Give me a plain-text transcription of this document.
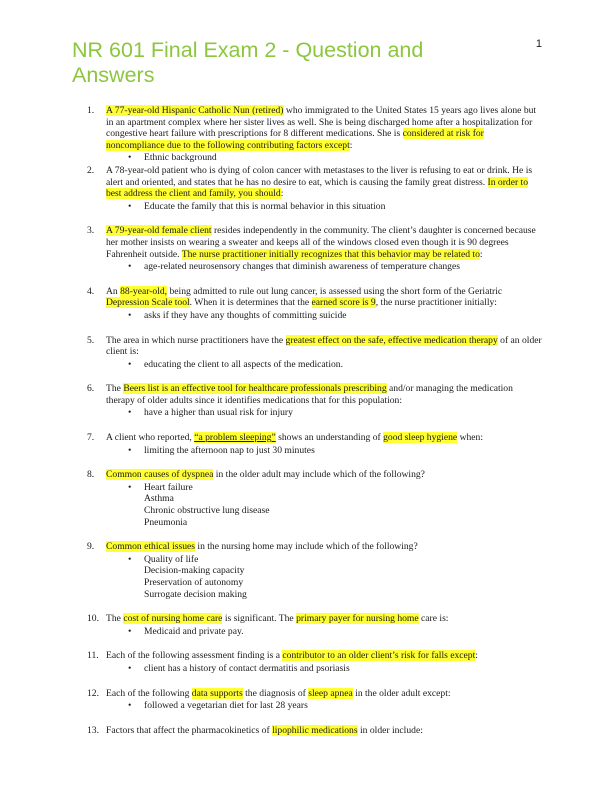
1
NR 601 Final Exam 2 - Question and Answers
1.	A 77-year-old Hispanic Catholic Nun (retired) who immigrated to the United States 15 years ago lives alone but in an apartment complex where her sister lives as well. She is being discharged home after a hospitalization for congestive heart failure with prescriptions for 8 different medications. She is considered at risk for noncompliance due to the following contributing factors except:
• Ethnic background
2.	A 78-year-old patient who is dying of colon cancer with metastases to the liver is refusing to eat or drink. He is alert and oriented, and states that he has no desire to eat, which is causing the family great distress. In order to best address the client and family, you should:
• Educate the family that this is normal behavior in this situation
3.	A 79-year-old female client resides independently in the community. The client’s daughter is concerned because her mother insists on wearing a sweater and keeps all of the windows closed even though it is 90 degrees Fahrenheit outside. The nurse practitioner initially recognizes that this behavior may be related to:
• age-related neurosensory changes that diminish awareness of temperature changes
4.	An 88-year-old, being admitted to rule out lung cancer, is assessed using the short form of the Geriatric Depression Scale tool. When it is determines that the earned score is 9, the nurse practitioner initially:
• asks if they have any thoughts of committing suicide
5.	The area in which nurse practitioners have the greatest effect on the safe, effective medication therapy of an older client is:
• educating the client to all aspects of the medication.
6.	The Beers list is an effective tool for healthcare professionals prescribing and/or managing the medication therapy of older adults since it identifies medications that for this population:
• have a higher than usual risk for injury
7.	A client who reported, “a problem sleeping” shows an understanding of good sleep hygiene when:
• limiting the afternoon nap to just 30 minutes
8.	Common causes of dyspnea in the older adult may include which of the following?
• Heart failure
Asthma
Chronic obstructive lung disease
Pneumonia
9.	Common ethical issues in the nursing home may include which of the following?
• Quality of life
Decision-making capacity
Preservation of autonomy
Surrogate decision making
10. The cost of nursing home care is significant. The primary payer for nursing home care is:
• Medicaid and private pay.
11. Each of the following assessment finding is a contributor to an older client’s risk for falls except:
• client has a history of contact dermatitis and psoriasis
12. Each of the following data supports the diagnosis of sleep apnea in the older adult except:
• followed a vegetarian diet for last 28 years
13. Factors that affect the pharmacokinetics of lipophilic medications in older include:
